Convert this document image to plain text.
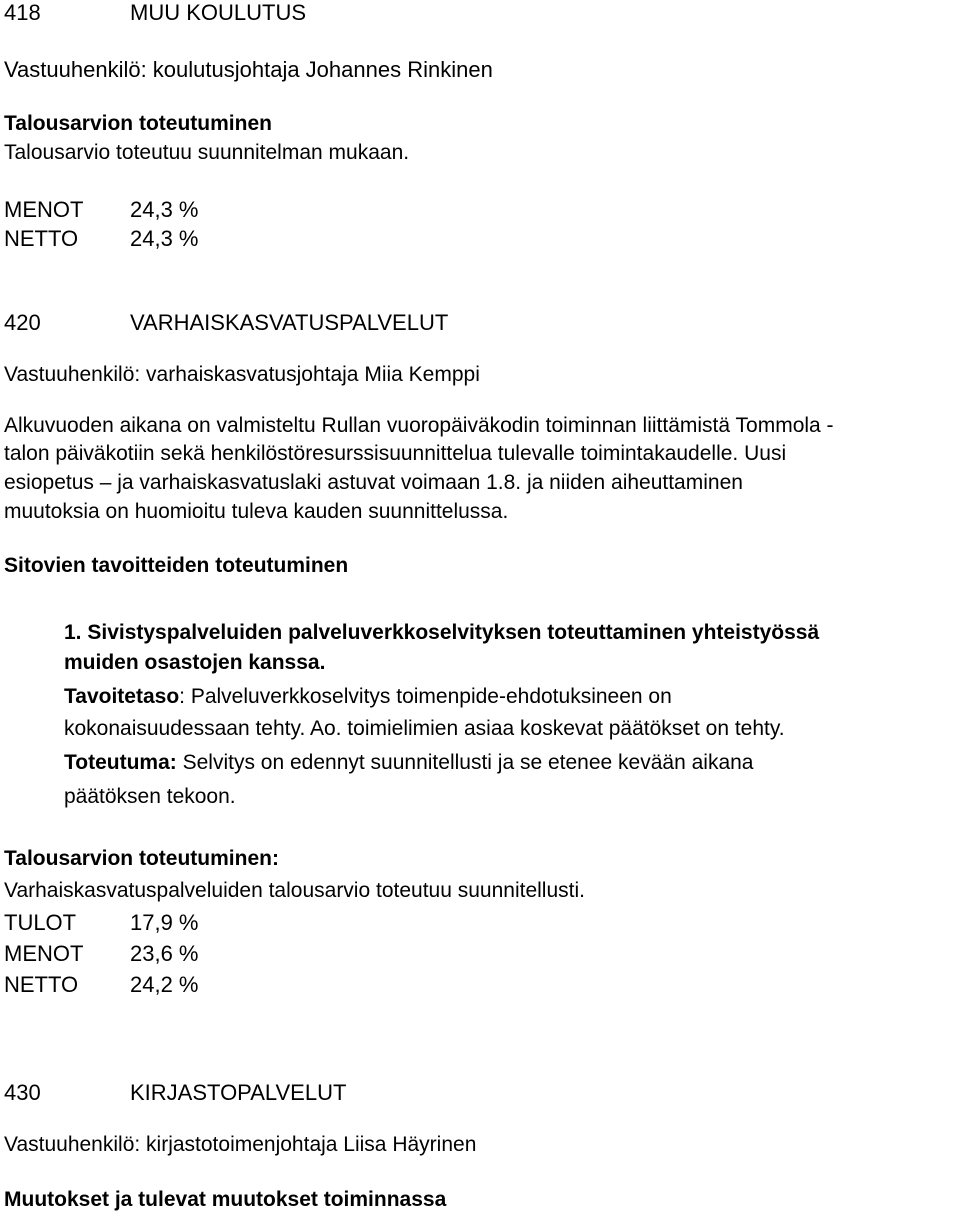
418	MUU KOULUTUS
Vastuuhenkilö: koulutusjohtaja Johannes Rinkinen
Talousarvion toteutuminen
Talousarvio toteutuu suunnitelman mukaan.
MENOT 24,3 %
NETTO 24,3 %
420	VARHAISKASVATUSPALVELUT
Vastuuhenkilö: varhaiskasvatusjohtaja Miia Kemppi
Alkuvuoden aikana on valmisteltu Rullan vuoropäiväkodin toiminnan liittämistä Tommola -
talon päiväkotiin sekä henkilöstöresurssisuunnittelua tulevalle toimintakaudelle. Uusi
esiopetus – ja varhaiskasvatuslaki astuvat voimaan 1.8. ja niiden aiheuttaminen
muutoksia on huomioitu tuleva kauden suunnittelussa.
Sitovien tavoitteiden toteutuminen
1. Sivistyspalveluiden palveluverkkoselvityksen toteuttaminen yhteistyössä
muiden osastojen kanssa.
Tavoitetaso: Palveluverkkoselvitys toimenpide-ehdotuksineen on
kokonaisuudessaan tehty. Ao. toimielimien asiaa koskevat päätökset on tehty.
Toteutuma: Selvitys on edennyt suunnitellusti ja se etenee kevään aikana
päätöksen tekoon.
Talousarvion toteutuminen:
Varhaiskasvatuspalveluiden talousarvio toteutuu suunnitellusti.
TULOT 17,9 %
MENOT 23,6 %
NETTO 24,2 %
430	KIRJASTOPALVELUT
Vastuuhenkilö: kirjastotoimenjohtaja Liisa Häyrinen
Muutokset ja tulevat muutokset toiminnassa
